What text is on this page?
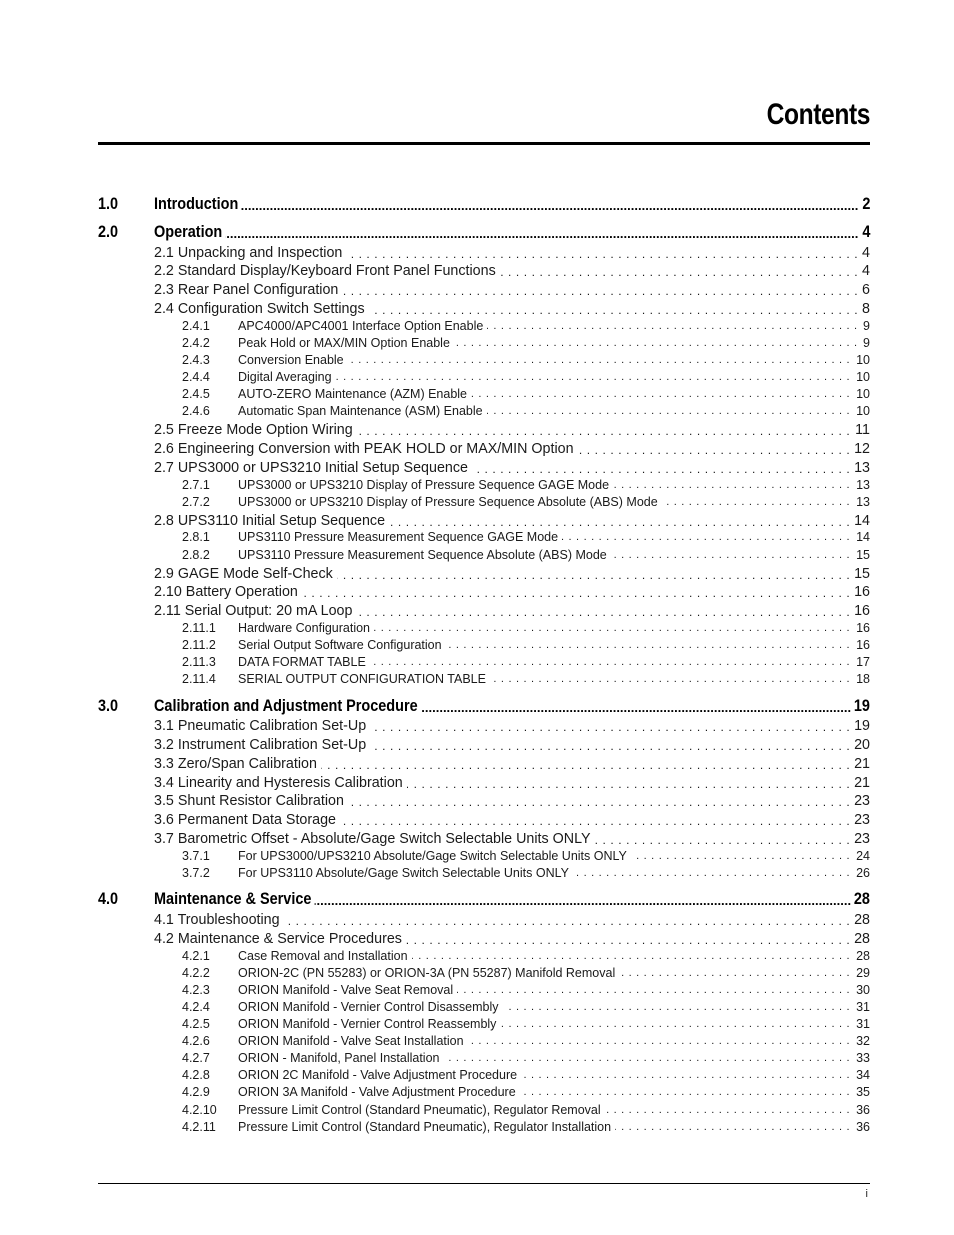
Contents
1.0 Introduction .....	2
2.0 Operation .....	4
2.1 Unpacking and Inspection . . .	4
2.2 Standard Display/Keyboard Front Panel Functions . . .	4
2.3 Rear Panel Configuration . . .	6
2.4 Configuration Switch Settings . . .	8
2.4.1 APC4000/APC4001 Interface Option Enable . . .	9
2.4.2 Peak Hold or MAX/MIN Option Enable . . .	9
2.4.3 Conversion Enable . . .	10
2.4.4 Digital Averaging . . .	10
2.4.5 AUTO-ZERO Maintenance (AZM) Enable . . .	10
2.4.6 Automatic Span Maintenance (ASM) Enable . . .	10
2.5 Freeze Mode Option Wiring . . .	11
2.6 Engineering Conversion with PEAK HOLD or MAX/MIN Option . . .	12
2.7 UPS3000 or UPS3210 Initial Setup Sequence . . .	13
2.7.1 UPS3000 or UPS3210 Display of Pressure Sequence GAGE Mode . . .	13
2.7.2 UPS3000 or UPS3210 Display of Pressure Sequence Absolute (ABS) Mode . . .	13
2.8 UPS3110 Initial Setup Sequence . . .	14
2.8.1 UPS3110 Pressure Measurement Sequence GAGE Mode . . .	14
2.8.2 UPS3110 Pressure Measurement Sequence Absolute (ABS) Mode . . .	15
2.9 GAGE Mode Self-Check . . .	15
2.10 Battery Operation . . .	16
2.11 Serial Output: 20 mA Loop . . .	16
2.11.1 Hardware Configuration . . .	16
2.11.2 Serial Output Software Configuration . . .	16
2.11.3 DATA FORMAT TABLE . . .	17
2.11.4 SERIAL OUTPUT CONFIGURATION TABLE . . .	18
3.0 Calibration and Adjustment Procedure .....	19
3.1 Pneumatic Calibration Set-Up . . .	19
3.2 Instrument Calibration Set-Up . . .	20
3.3 Zero/Span Calibration . . .	21
3.4 Linearity and Hysteresis Calibration . . .	21
3.5 Shunt Resistor Calibration . . .	23
3.6 Permanent Data Storage . . .	23
3.7 Barometric Offset - Absolute/Gage Switch Selectable Units ONLY . . .	23
3.7.1 For UPS3000/UPS3210 Absolute/Gage Switch Selectable Units ONLY . . .	24
3.7.2 For UPS3110 Absolute/Gage Switch Selectable Units ONLY . . .	26
4.0 Maintenance & Service .....	28
4.1 Troubleshooting . . .	28
4.2 Maintenance & Service Procedures . . .	28
4.2.1 Case Removal and Installation . . .	28
4.2.2 ORION-2C (PN 55283) or ORION-3A (PN 55287) Manifold Removal . . .	29
4.2.3 ORION Manifold - Valve Seat Removal . . .	30
4.2.4 ORION Manifold - Vernier Control Disassembly . . .	31
4.2.5 ORION Manifold - Vernier Control Reassembly . . .	31
4.2.6 ORION Manifold - Valve Seat Installation . . .	32
4.2.7 ORION - Manifold, Panel Installation . . .	33
4.2.8 ORION 2C Manifold - Valve Adjustment Procedure . . .	34
4.2.9 ORION 3A Manifold - Valve Adjustment Procedure . . .	35
4.2.10 Pressure Limit Control (Standard Pneumatic), Regulator Removal . . .	36
4.2.11 Pressure Limit Control (Standard Pneumatic), Regulator Installation . . .	36
i
